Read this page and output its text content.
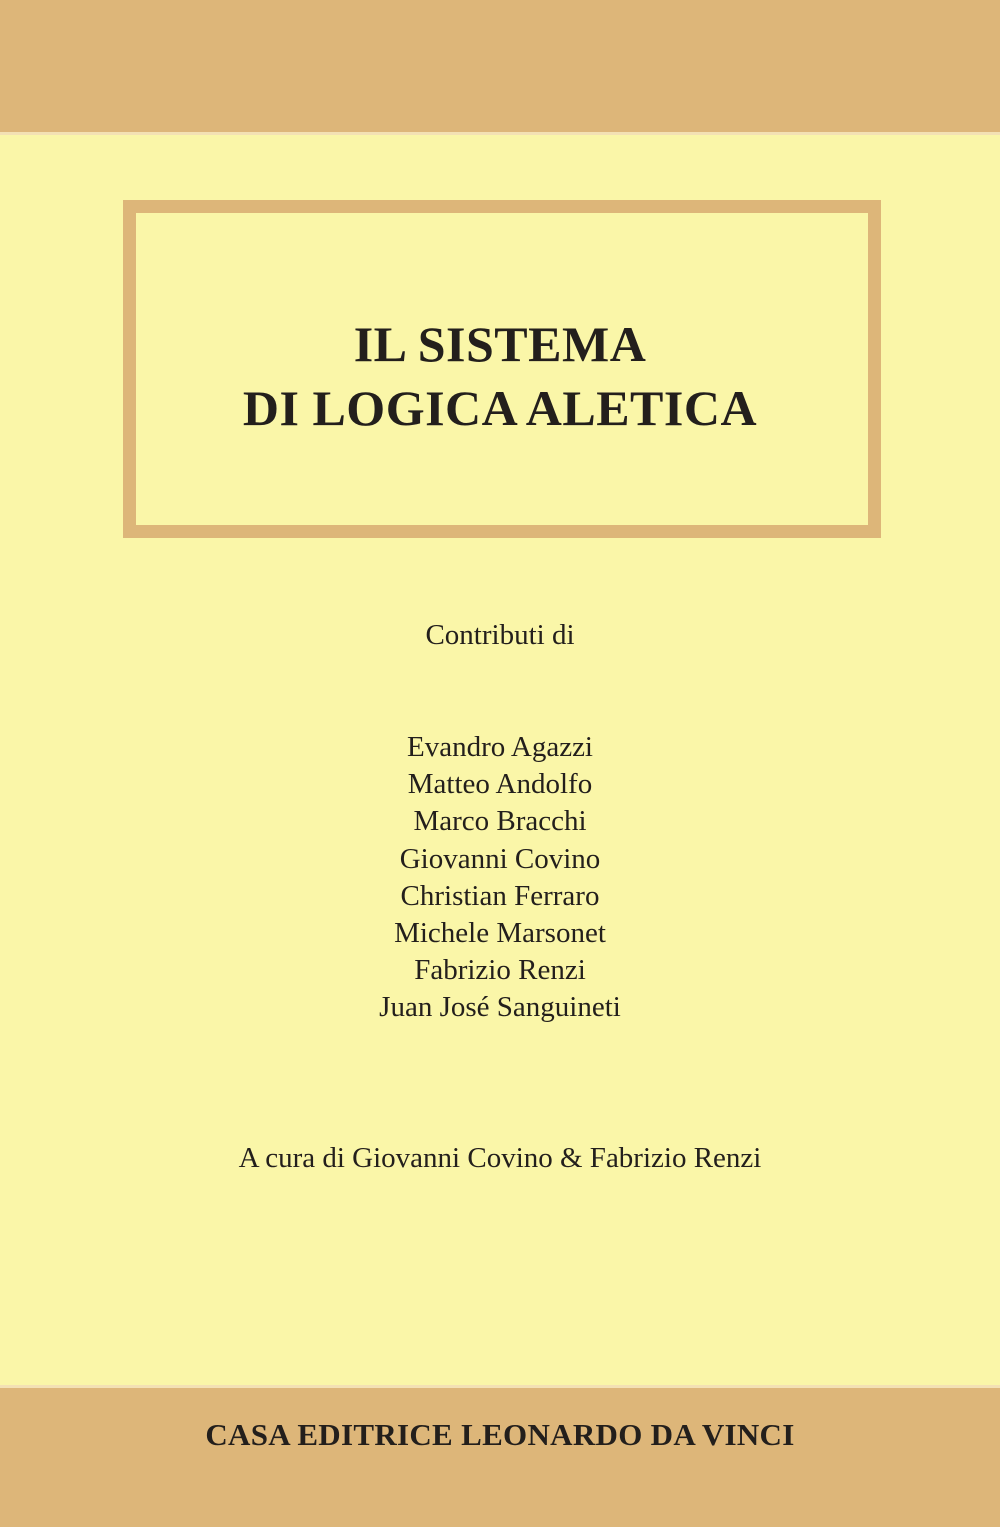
IL SISTEMA
DI LOGICA ALETICA
Contributi di
Evandro Agazzi
Matteo Andolfo
Marco Bracchi
Giovanni Covino
Christian Ferraro
Michele Marsonet
Fabrizio Renzi
Juan José Sanguineti
A cura di Giovanni Covino & Fabrizio Renzi
CASA EDITRICE LEONARDO DA VINCI
